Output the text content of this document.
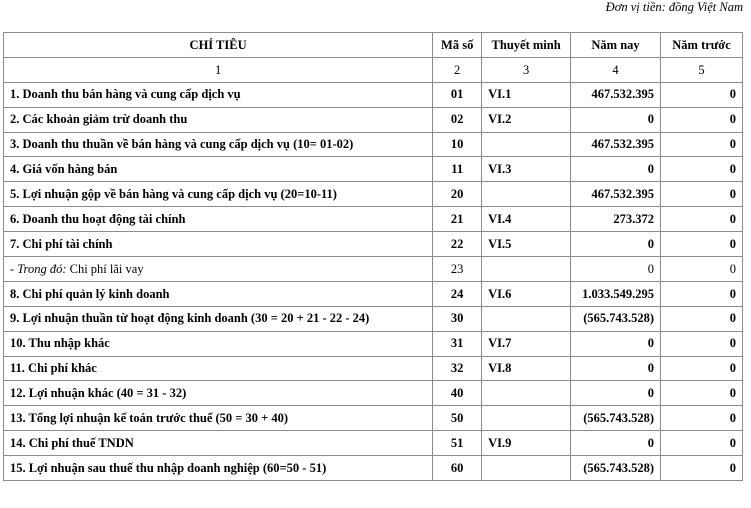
Đơn vị tiền: đồng Việt Nam
CHỈ TIÊU	Mã số	Thuyết minh	Năm nay	Năm trước
1	2	3	4	5
1. Doanh thu bán hàng và cung cấp dịch vụ	01	VI.1	467.532.395	0
2. Các khoản giảm trừ doanh thu	02	VI.2	0	0
3. Doanh thu thuần về bán hàng và cung cấp dịch vụ (10= 01-02)	10		467.532.395	0
4. Giá vốn hàng bán	11	VI.3	0	0
5. Lợi nhuận gộp về bán hàng và cung cấp dịch vụ (20=10-11)	20		467.532.395	0
6. Doanh thu hoạt động tài chính	21	VI.4	273.372	0
7. Chi phí tài chính	22	VI.5	0	0
- Trong đó: Chi phí lãi vay	23		0	0
8. Chi phí quản lý kinh doanh	24	VI.6	1.033.549.295	0
9. Lợi nhuận thuần từ hoạt động kinh doanh (30 = 20 + 21 - 22 - 24)	30		(565.743.528)	0
10. Thu nhập khác	31	VI.7	0	0
11. Chi phí khác	32	VI.8	0	0
12. Lợi nhuận khác (40 = 31 - 32)	40		0	0
13. Tổng lợi nhuận kế toán trước thuế (50 = 30 + 40)	50		(565.743.528)	0
14. Chi phí thuế TNDN	51	VI.9	0	0
15. Lợi nhuận sau thuế thu nhập doanh nghiệp (60=50 - 51)	60		(565.743.528)	0
